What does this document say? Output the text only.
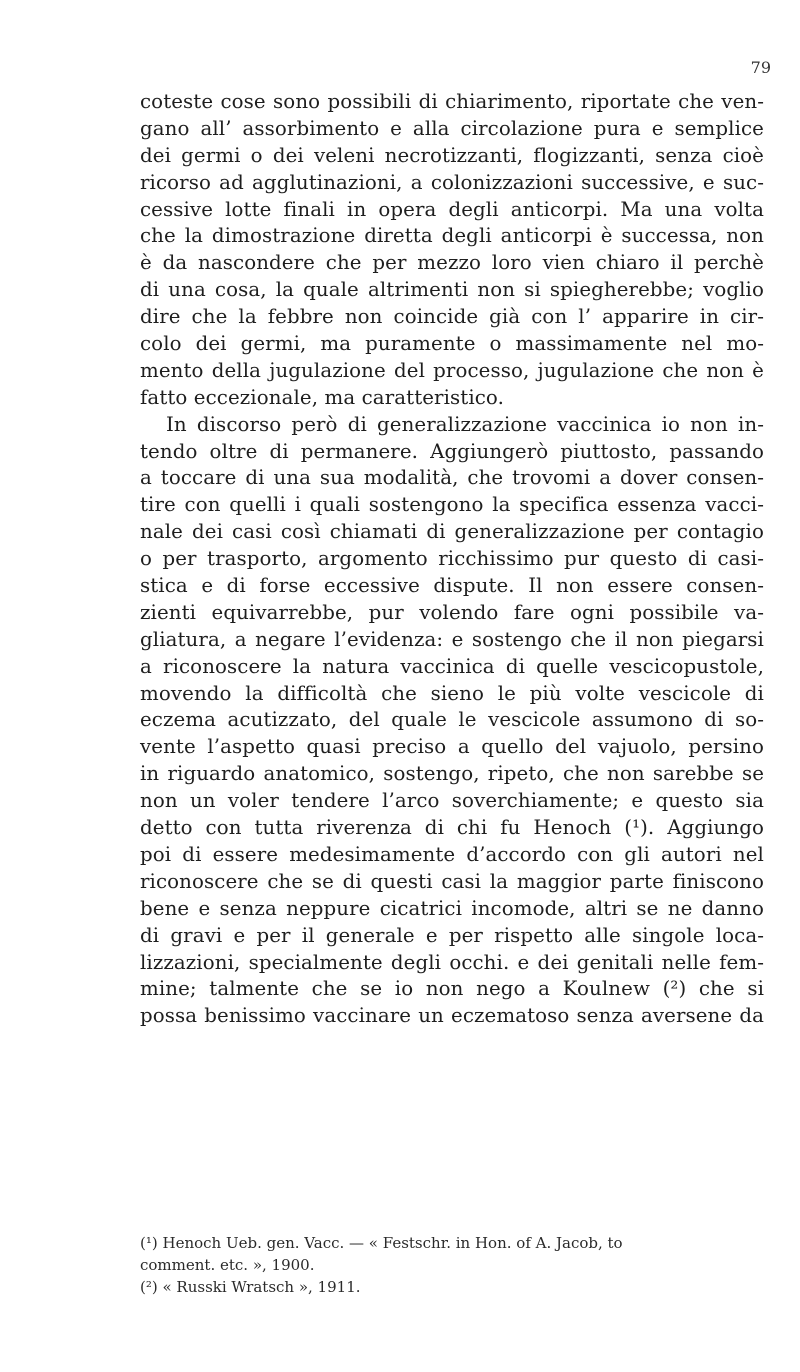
79
coteste cose sono possibili di chiarimento, riportate che ven-
gano all’ assorbimento e alla circolazione pura e semplice
dei germi o dei veleni necrotizzanti, flogizzanti, senza cioè
ricorso ad agglutinazioni, a colonizzazioni successive, e suc-
cessive lotte finali in opera degli anticorpi. Ma una volta
che la dimostrazione diretta degli anticorpi è successa, non
è da nascondere che per mezzo loro vien chiaro il perchè
di una cosa, la quale altrimenti non si spiegherebbe; voglio
dire che la febbre non coincide già con l’ apparire in cir-
colo dei germi, ma puramente o massimamente nel mo-
mento della jugulazione del processo, jugulazione che non è
fatto eccezionale, ma caratteristico.
In discorso però di generalizzazione vaccinica io non in-
tendo oltre di permanere. Aggiungerò piuttosto, passando
a toccare di una sua modalità, che trovomi a dover consen-
tire con quelli i quali sostengono la specifica essenza vacci-
nale dei casi così chiamati di generalizzazione per contagio
o per trasporto, argomento ricchissimo pur questo di casi-
stica e di forse eccessive dispute. Il non essere consen-
zienti equivarrebbe, pur volendo fare ogni possibile va-
gliatura, a negare l’evidenza: e sostengo che il non piegarsi
a riconoscere la natura vaccinica di quelle vescicopustole,
movendo la difficoltà che sieno le più volte vescicole di
eczema acutizzato, del quale le vescicole assumono di so-
vente l’aspetto quasi preciso a quello del vajuolo, persino
in riguardo anatomico, sostengo, ripeto, che non sarebbe se
non un voler tendere l’arco soverchiamente; e questo sia
detto con tutta riverenza di chi fu Henoch (¹). Aggiungo
poi di essere medesimamente d’accordo con gli autori nel
riconoscere che se di questi casi la maggior parte finiscono
bene e senza neppure cicatrici incomode, altri se ne danno
di gravi e per il generale e per rispetto alle singole loca-
lizzazioni, specialmente degli occhi. e dei genitali nelle fem-
mine; talmente che se io non nego a Koulnew (²) che si
possa benissimo vaccinare un eczematoso senza aversene da
(¹) Henoch Ueb. gen. Vacc. — « Festschr. in Hon. of A. Jacob, to
comment. etc. », 1900.
(²) « Russki Wratsch », 1911.
